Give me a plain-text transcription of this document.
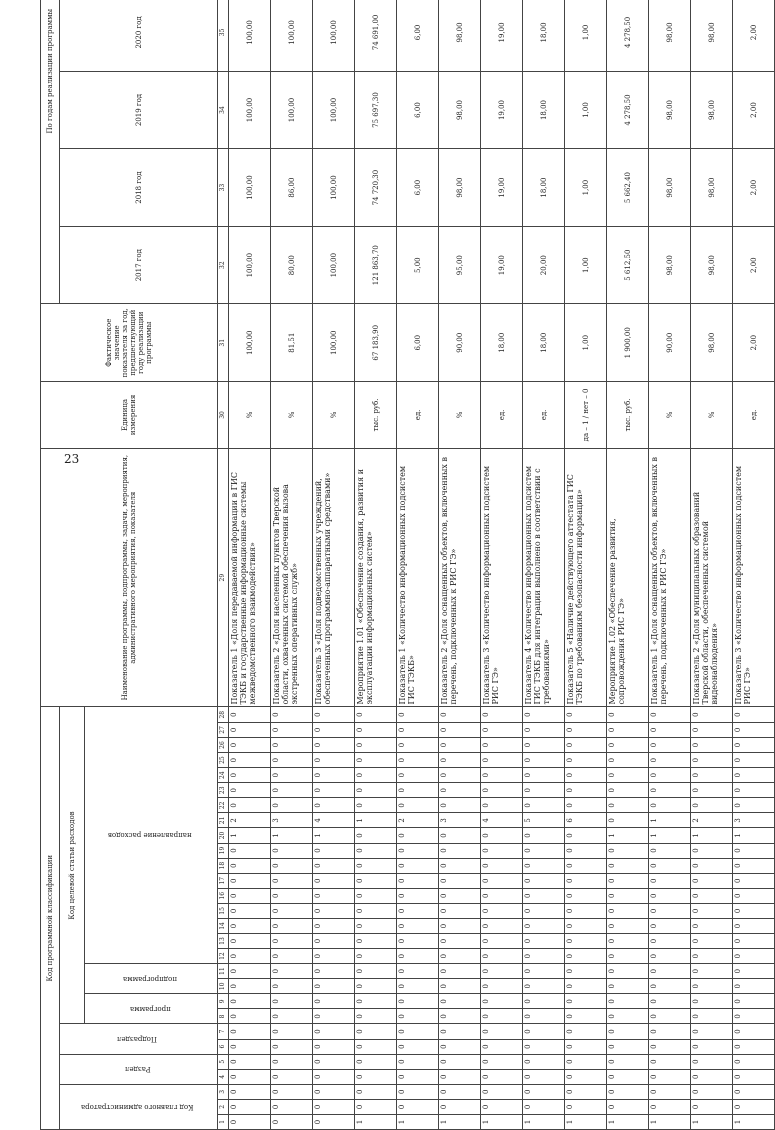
23
Код программной классификации																												Наименование программы, подпрограммы, задачи, мероприятия, административного мероприятия, показателя	Единица измерения	Фактическое значение показателя за год, предшествующий году реализации программы	По годам реализации программы	
Код главного администратора			Раздел		Подраздел		Код целевой статьи расходов																								2017 год	2018 год	2019 год	2020 год		
							программа		подпрограмма		направление расходов																										
1	2	3	4	5	6	7	8	9	10	11	12	13	14	15	16	17	18	19	20	21	22	23	24	25	26	27	28	29	30	31	32	33	34	35			
0	0	0	0	0	0	0	0	0	0	0	0	0	0	0	0	0	0	0	1	2	0	0	0	0	0	0	0	Показатель 1 «Доля передаваемой информации в ГИС ТЭКБ и государственные информационные системы межведомственного взаимодействия»	%	100,00	100,00	100,00	100,00	100,00			
0	0	0	0	0	0	0	0	0	0	0	0	0	0	0	0	0	0	0	1	3	0	0	0	0	0	0	0	Показатель 2 «Доля населенных пунктов Тверской области, охваченных системой обеспечения вызова экстренных оперативных служб»	%	81,51	80,00	86,00	100,00	100,00			
0	0	0	0	0	0	0	0	0	0	0	0	0	0	0	0	0	0	0	1	4	0	0	0	0	0	0	0	Показатель 3 «Доля подведомственных учреждений, обеспеченных программно-аппаратными средствами»	%	100,00	100,00	100,00	100,00	100,00			
1	0	0	0	0	0	0	0	0	0	0	0	0	0	0	0	0	0	0	0	1	0	0	0	0	0	0	0	Мероприятие 1.01 «Обеспечение создания, развития и эксплуатации информационных систем»	тыс. руб.	67 183,90	121 863,70	74 720,30	75 697,30	74 691,00			
1	0	0	0	0	0	0	0	0	0	0	0	0	0	0	0	0	0	0	0	2	0	0	0	0	0	0	0	Показатель 1 «Количество информационных подсистем ГИС ТЭКБ»	ед.	6,00	5,00	6,00	6,00	6,00			
1	0	0	0	0	0	0	0	0	0	0	0	0	0	0	0	0	0	0	0	3	0	0	0	0	0	0	0	Показатель 2 «Доля оснащенных объектов, включенных в перечень, подключенных к РИС ГЭ»	%	90,00	95,00	98,00	98,00	98,00			
1	0	0	0	0	0	0	0	0	0	0	0	0	0	0	0	0	0	0	0	4	0	0	0	0	0	0	0	Показатель 3 «Количество информационных подсистем РИС ГЭ»	ед.	18,00	19,00	19,00	19,00	19,00			
1	0	0	0	0	0	0	0	0	0	0	0	0	0	0	0	0	0	0	0	5	0	0	0	0	0	0	0	Показатель 4 «Количество информационных подсистем ГИС ТЭКБ для интеграции выполнено в соответствии с требованиями»	ед.	18,00	20,00	18,00	18,00	18,00			
1	0	0	0	0	0	0	0	0	0	0	0	0	0	0	0	0	0	0	0	6	0	0	0	0	0	0	0	Показатель 5 «Наличие действующего аттестата ГИС ТЭКБ по требованиям безопасности информации»	да – 1 / нет – 0	1,00	1,00	1,00	1,00	1,00			
1	0	0	0	0	0	0	0	0	0	0	0	0	0	0	0	0	0	0	1	0	0	0	0	0	0	0	0	Мероприятие 1.02 «Обеспечение развития, сопровождения РИС ГЭ»	тыс. руб.	1 900,00	5 612,50	5 662,40	4 278,50	4 278,50			
1	0	0	0	0	0	0	0	0	0	0	0	0	0	0	0	0	0	0	1	1	0	0	0	0	0	0	0	Показатель 1 «Доля оснащенных объектов, включенных в перечень, подключенных к РИС ГЭ»	%	90,00	98,00	98,00	98,00	98,00			
1	0	0	0	0	0	0	0	0	0	0	0	0	0	0	0	0	0	0	1	2	0	0	0	0	0	0	0	Показатель 2 «Доля муниципальных образований Тверской области, обеспеченных системой видеонаблюдения»	%	98,00	98,00	98,00	98,00	98,00			
1	0	0	0	0	0	0	0	0	0	0	0	0	0	0	0	0	0	0	1	3	0	0	0	0	0	0	0	Показатель 3 «Количество информационных подсистем РИС ГЭ»	ед.	2,00	2,00	2,00	2,00	2,00			
